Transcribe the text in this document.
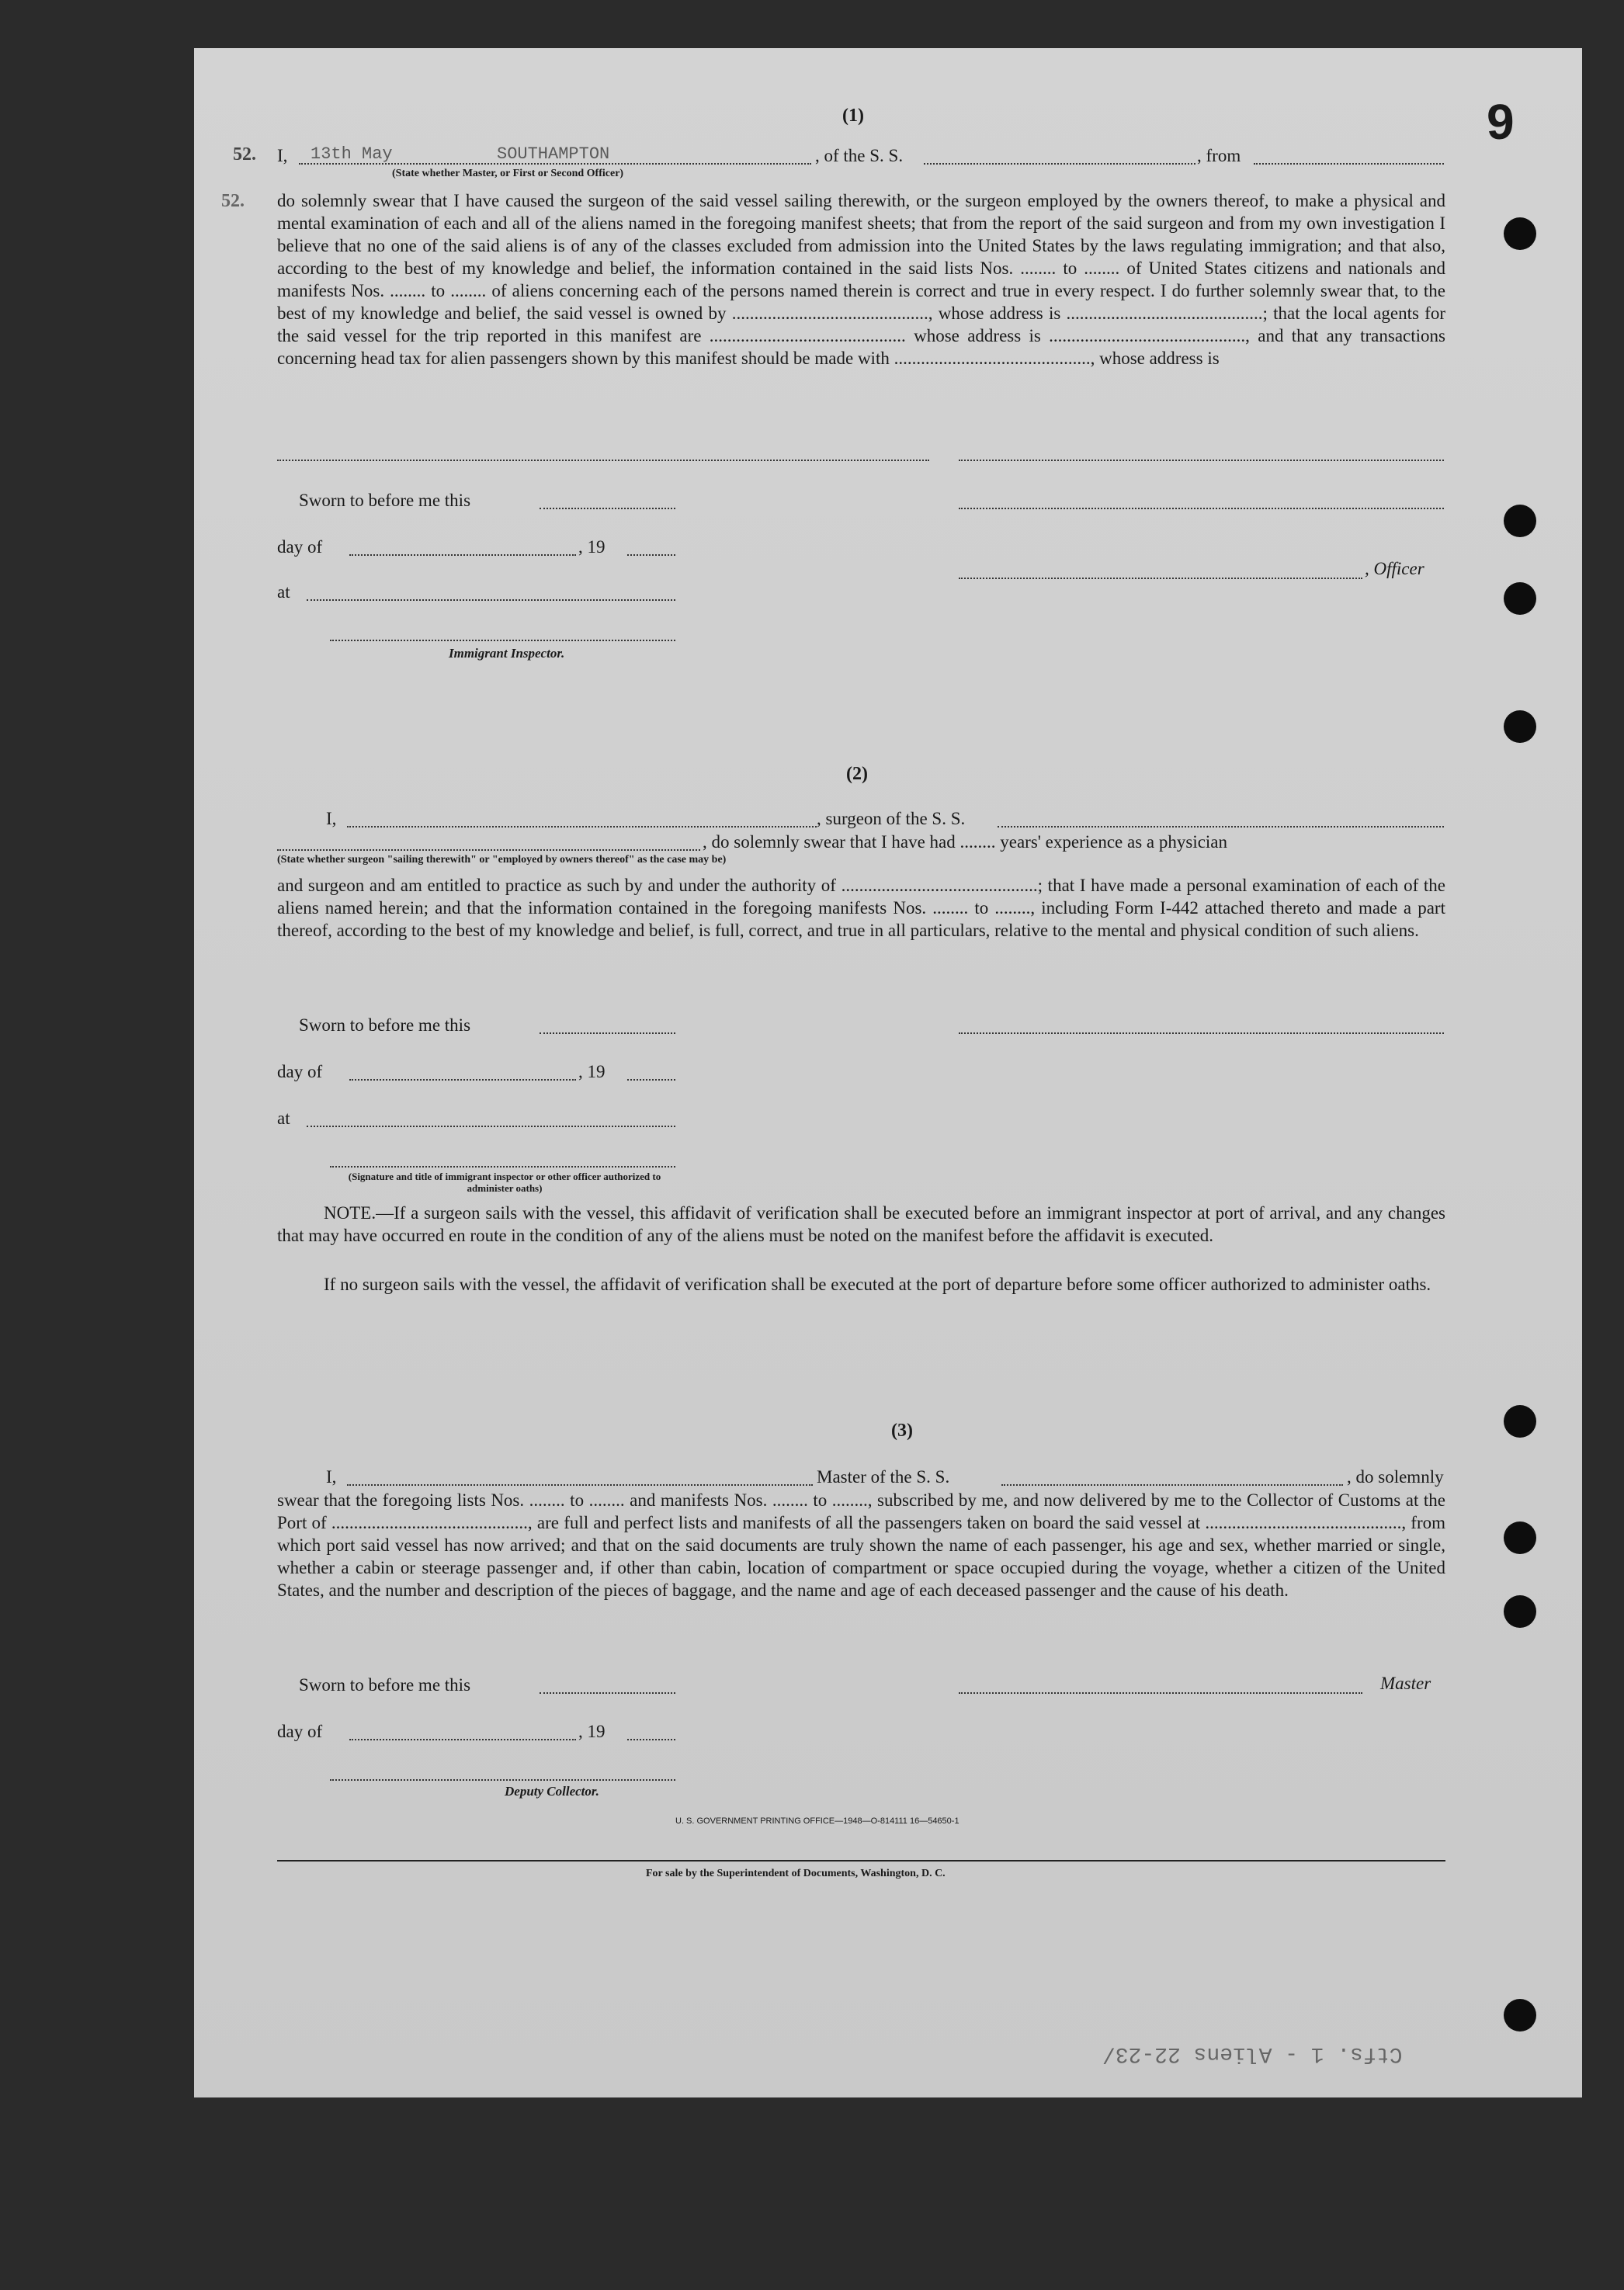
(1)	9
52.
52.
I, 13th May	SOUTHAMPTON	, of the S. S.	, from
(State whether Master, or First or Second Officer)
do solemnly swear that I have caused the surgeon of the said vessel sailing therewith, or the surgeon employed by the owners thereof, to make a physical and mental examination of each and all of the aliens named in the foregoing manifest sheets; that from the report of the said surgeon and from my own investigation I believe that no one of the said aliens is of any of the classes excluded from admission into the United States by the laws regulating immigration; and that also, according to the best of my knowledge and belief, the information contained in the said lists Nos. ........ to ........ of United States citizens and nationals and manifests Nos. ........ to ........ of aliens concerning each of the persons named therein is correct and true in every respect. I do further solemnly swear that, to the best of my knowledge and belief, the said vessel is owned by ............................................, whose address is ............................................; that the local agents for the said vessel for the trip reported in this manifest are ............................................ whose address is ............................................, and that any transactions concerning head tax for alien passengers shown by this manifest should be made with ............................................, whose address is
Sworn to before me this
day of	, 19
, Officer
at
Immigrant Inspector.
(2)
I,	, surgeon of the S. S.
, do solemnly swear that I have had ........ years' experience as a physician
(State whether surgeon "sailing therewith" or "employed by owners thereof" as the case may be)
and surgeon and am entitled to practice as such by and under the authority of ............................................; that I have made a personal examination of each of the aliens named herein; and that the information contained in the foregoing manifests Nos. ........ to ........, including Form I-442 attached thereto and made a part thereof, according to the best of my knowledge and belief, is full, correct, and true in all particulars, relative to the mental and physical condition of such aliens.
Sworn to before me this
day of	, 19
at
(Signature and title of immigrant inspector or other officer authorized to administer oaths)
NOTE.—If a surgeon sails with the vessel, this affidavit of verification shall be executed before an immigrant inspector at port of arrival, and any changes that may have occurred en route in the condition of any of the aliens must be noted on the manifest before the affidavit is executed.
If no surgeon sails with the vessel, the affidavit of verification shall be executed at the port of departure before some officer authorized to administer oaths.
(3)
I,	Master of the S. S.	, do solemnly
swear that the foregoing lists Nos. ........ to ........ and manifests Nos. ........ to ........, subscribed by me, and now delivered by me to the Collector of Customs at the Port of ............................................, are full and perfect lists and manifests of all the passengers taken on board the said vessel at ............................................, from which port said vessel has now arrived; and that on the said documents are truly shown the name of each passenger, his age and sex, whether married or single, whether a cabin or steerage passenger and, if other than cabin, location of compartment or space occupied during the voyage, whether a citizen of the United States, and the number and description of the pieces of baggage, and the name and age of each deceased passenger and the cause of his death.
Sworn to before me this	Master
day of	, 19
Deputy Collector.
U. S. GOVERNMENT PRINTING OFFICE—1948—O-814111 16—54650-1
For sale by the Superintendent of Documents, Washington, D. C.
Ctfs. 1 - Aliens 22-23/
